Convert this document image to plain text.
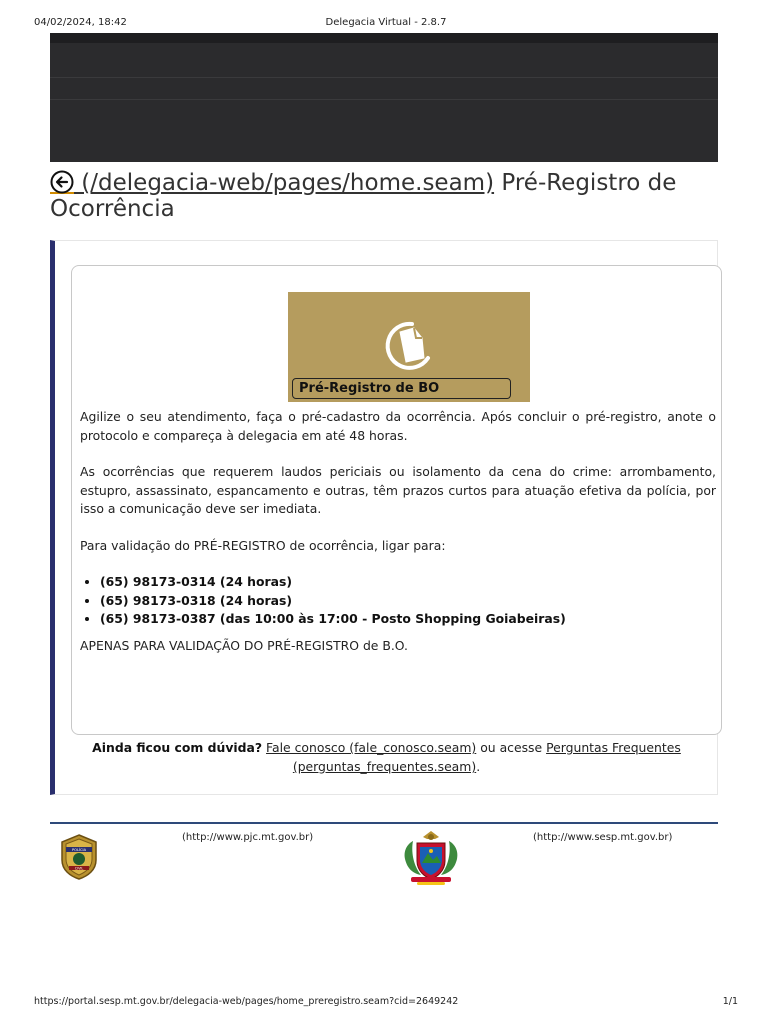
04/02/2024, 18:42	Delegacia Virtual - 2.8.7
(/delegacia-web/pages/home.seam) Pré-Registro de Ocorrência
Pré-Registro de BO

Agilize o seu atendimento, faça o pré-cadastro da ocorrência. Após concluir o pré-registro, anote o protocolo e compareça à delegacia em até 48 horas.

As ocorrências que requerem laudos periciais ou isolamento da cena do crime: arrombamento, estupro, assassinato, espancamento e outras, têm prazos curtos para atuação efetiva da polícia, por isso a comunicação deve ser imediata.

Para validação do PRÉ-REGISTRO de ocorrência, ligar para:

• (65) 98173-0314 (24 horas)
• (65) 98173-0318 (24 horas)
• (65) 98173-0387 (das 10:00 às 17:00 - Posto Shopping Goiabeiras)

APENAS PARA VALIDAÇÃO DO PRÉ-REGISTRO de B.O.

Ainda ficou com dúvida? Fale conosco (fale_conosco.seam) ou acesse Perguntas Frequentes (perguntas_frequentes.seam).
POLÍCIA
CIVIL
(http://www.pjc.mt.gov.br)	(http://www.sesp.mt.gov.br)
https://portal.sesp.mt.gov.br/delegacia-web/pages/home_preregistro.seam?cid=2649242	1/1
